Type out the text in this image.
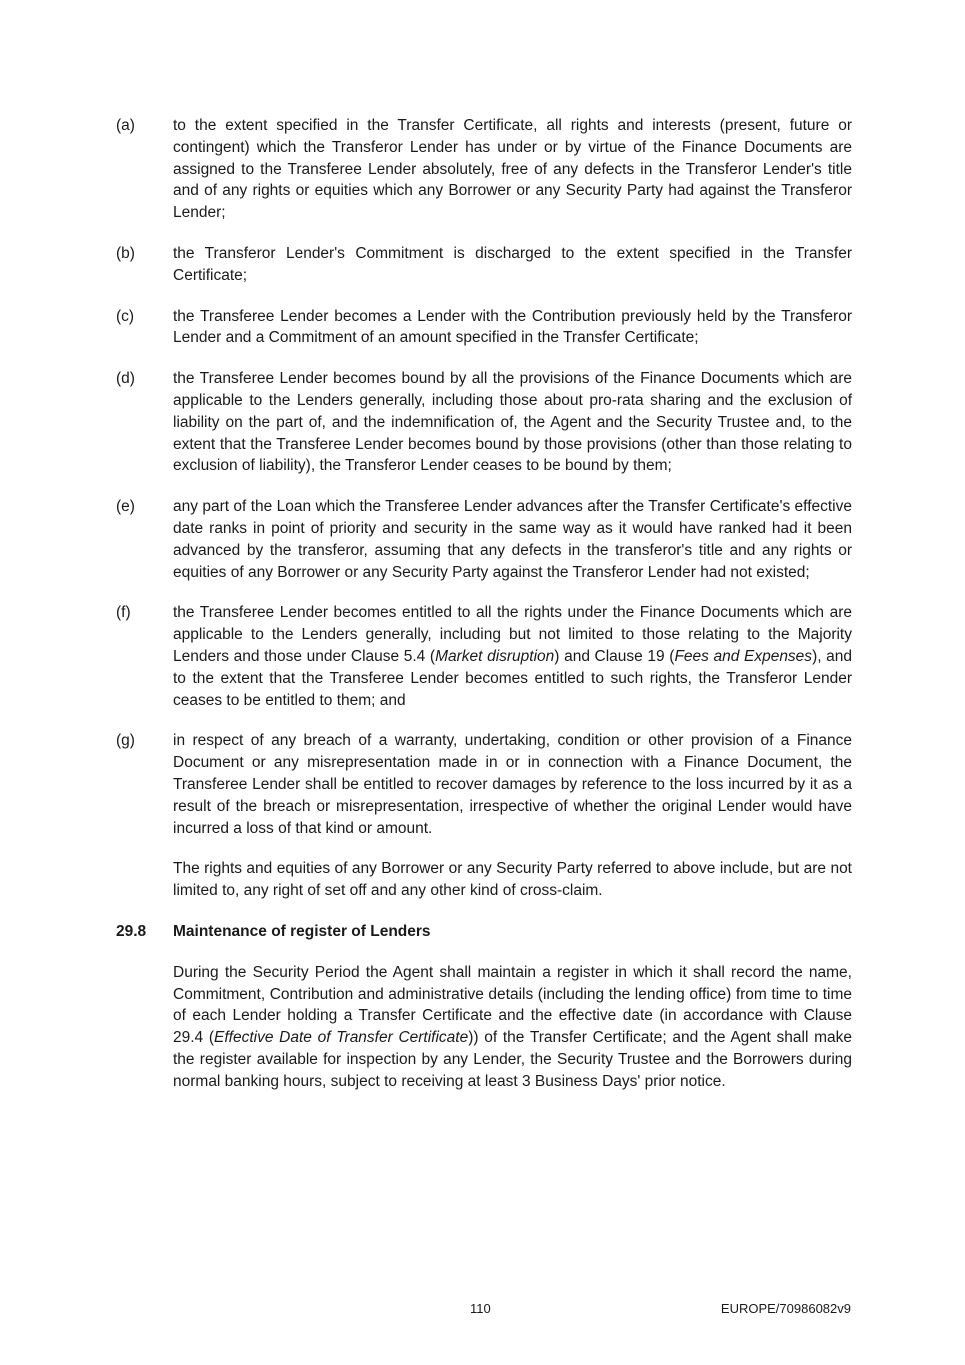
(a)	to the extent specified in the Transfer Certificate, all rights and interests (present, future or contingent) which the Transferor Lender has under or by virtue of the Finance Documents are assigned to the Transferee Lender absolutely, free of any defects in the Transferor Lender's title and of any rights or equities which any Borrower or any Security Party had against the Transferor Lender;
(b)	the Transferor Lender's Commitment is discharged to the extent specified in the Transfer Certificate;
(c)	the Transferee Lender becomes a Lender with the Contribution previously held by the Transferor Lender and a Commitment of an amount specified in the Transfer Certificate;
(d)	the Transferee Lender becomes bound by all the provisions of the Finance Documents which are applicable to the Lenders generally, including those about pro-rata sharing and the exclusion of liability on the part of, and the indemnification of, the Agent and the Security Trustee and, to the extent that the Transferee Lender becomes bound by those provisions (other than those relating to exclusion of liability), the Transferor Lender ceases to be bound by them;
(e)	any part of the Loan which the Transferee Lender advances after the Transfer Certificate's effective date ranks in point of priority and security in the same way as it would have ranked had it been advanced by the transferor, assuming that any defects in the transferor's title and any rights or equities of any Borrower or any Security Party against the Transferor Lender had not existed;
(f)	the Transferee Lender becomes entitled to all the rights under the Finance Documents which are applicable to the Lenders generally, including but not limited to those relating to the Majority Lenders and those under Clause 5.4 (Market disruption) and Clause 19 (Fees and Expenses), and to the extent that the Transferee Lender becomes entitled to such rights, the Transferor Lender ceases to be entitled to them; and
(g)	in respect of any breach of a warranty, undertaking, condition or other provision of a Finance Document or any misrepresentation made in or in connection with a Finance Document, the Transferee Lender shall be entitled to recover damages by reference to the loss incurred by it as a result of the breach or misrepresentation, irrespective of whether the original Lender would have incurred a loss of that kind or amount.
The rights and equities of any Borrower or any Security Party referred to above include, but are not limited to, any right of set off and any other kind of cross-claim.
29.8	Maintenance of register of Lenders
During the Security Period the Agent shall maintain a register in which it shall record the name, Commitment, Contribution and administrative details (including the lending office) from time to time of each Lender holding a Transfer Certificate and the effective date (in accordance with Clause 29.4 (Effective Date of Transfer Certificate)) of the Transfer Certificate; and the Agent shall make the register available for inspection by any Lender, the Security Trustee and the Borrowers during normal banking hours, subject to receiving at least 3 Business Days' prior notice.
110	EUROPE/70986082v9
